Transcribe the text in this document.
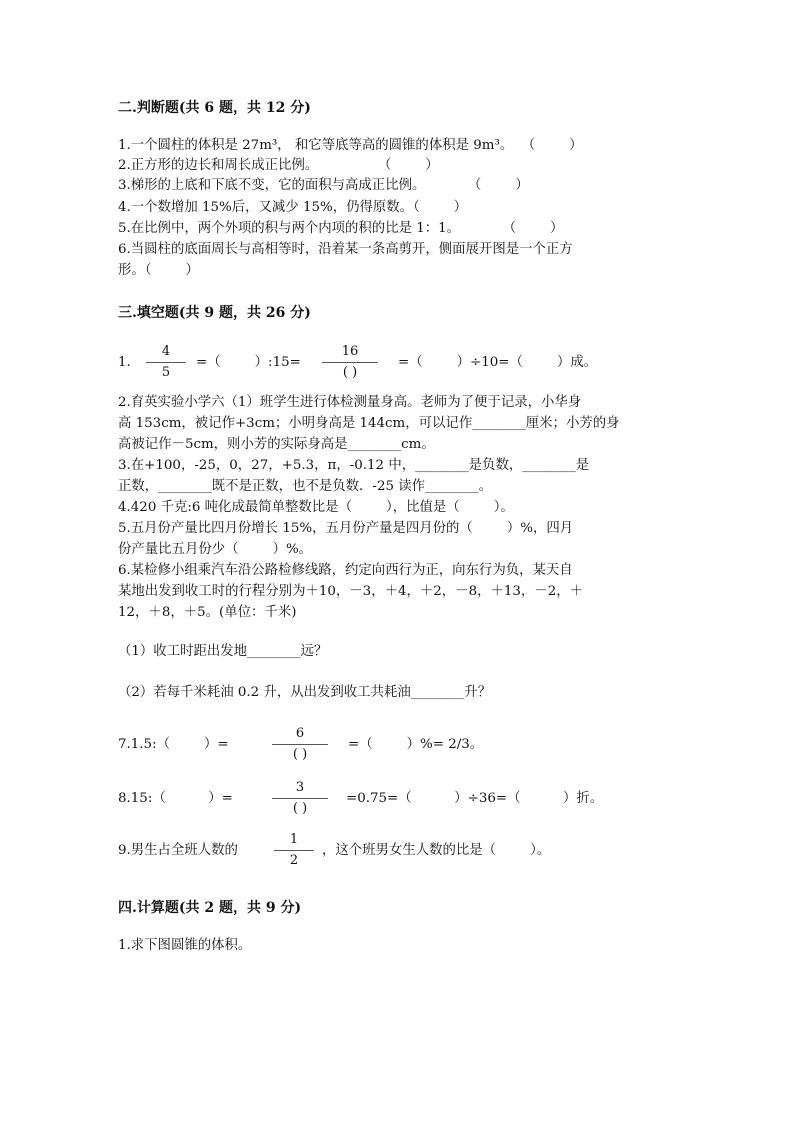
二.判断题(共 6 题，共 12 分)
1.一个圆柱的体积是 27m³， 和它等底等高的圆锥的体积是 9m³。  （        ）
2.正方形的边长和周长成正比例。              （        ）
3.梯形的上底和下底不变，它的面积与高成正比例。          （        ）
4.一个数增加 15%后，又减少 15%，仍得原数。（        ）
5.在比例中，两个外项的积与两个内项的积的比是 1：1。          （        ）
6.当圆柱的底面周长与高相等时，沿着某一条高剪开，侧面展开图是一个正方
形。（        ）
三.填空题(共 9 题，共 26 分)
1.
4
5
=（        ）:15=
16
( )
=（        ）÷10=（        ）成。
2.育英实验小学六（1）班学生进行体检测量身高。老师为了便于记录，小华身
高 153cm，被记作+3cm；小明身高是 144cm，可以记作________厘米；小芳的身
高被记作－5cm，则小芳的实际身高是________cm。
3.在+100，-25，0，27，+5.3，π，-0.12 中，________是负数，________是
正数，________既不是正数，也不是负数．-25 读作________。
4.420 千克:6 吨化成最简单整数比是（        ），比值是（        ）。
5.五月份产量比四月份增长 15%，五月份产量是四月份的（        ）%，四月
份产量比五月份少（        ）%。
6.某检修小组乘汽车沿公路检修线路，约定向西行为正，向东行为负，某天自
某地出发到收工时的行程分别为＋10，－3，＋4，＋2，－8，＋13，－2，＋
12，＋8，＋5。(单位：千米)
（1）收工时距出发地________远？
（2）若每千米耗油 0.2 升，从出发到收工共耗油________升？
7.1.5:（        ）=
6
( )
=（        ）%= 2/3。
8.15:（          ）=
3
( )
=0.75=（          ）÷36=（          ）折。
9.男生占全班人数的
1
2
，这个班男女生人数的比是（        ）。
四.计算题(共 2 题，共 9 分)
1.求下图圆锥的体积。
